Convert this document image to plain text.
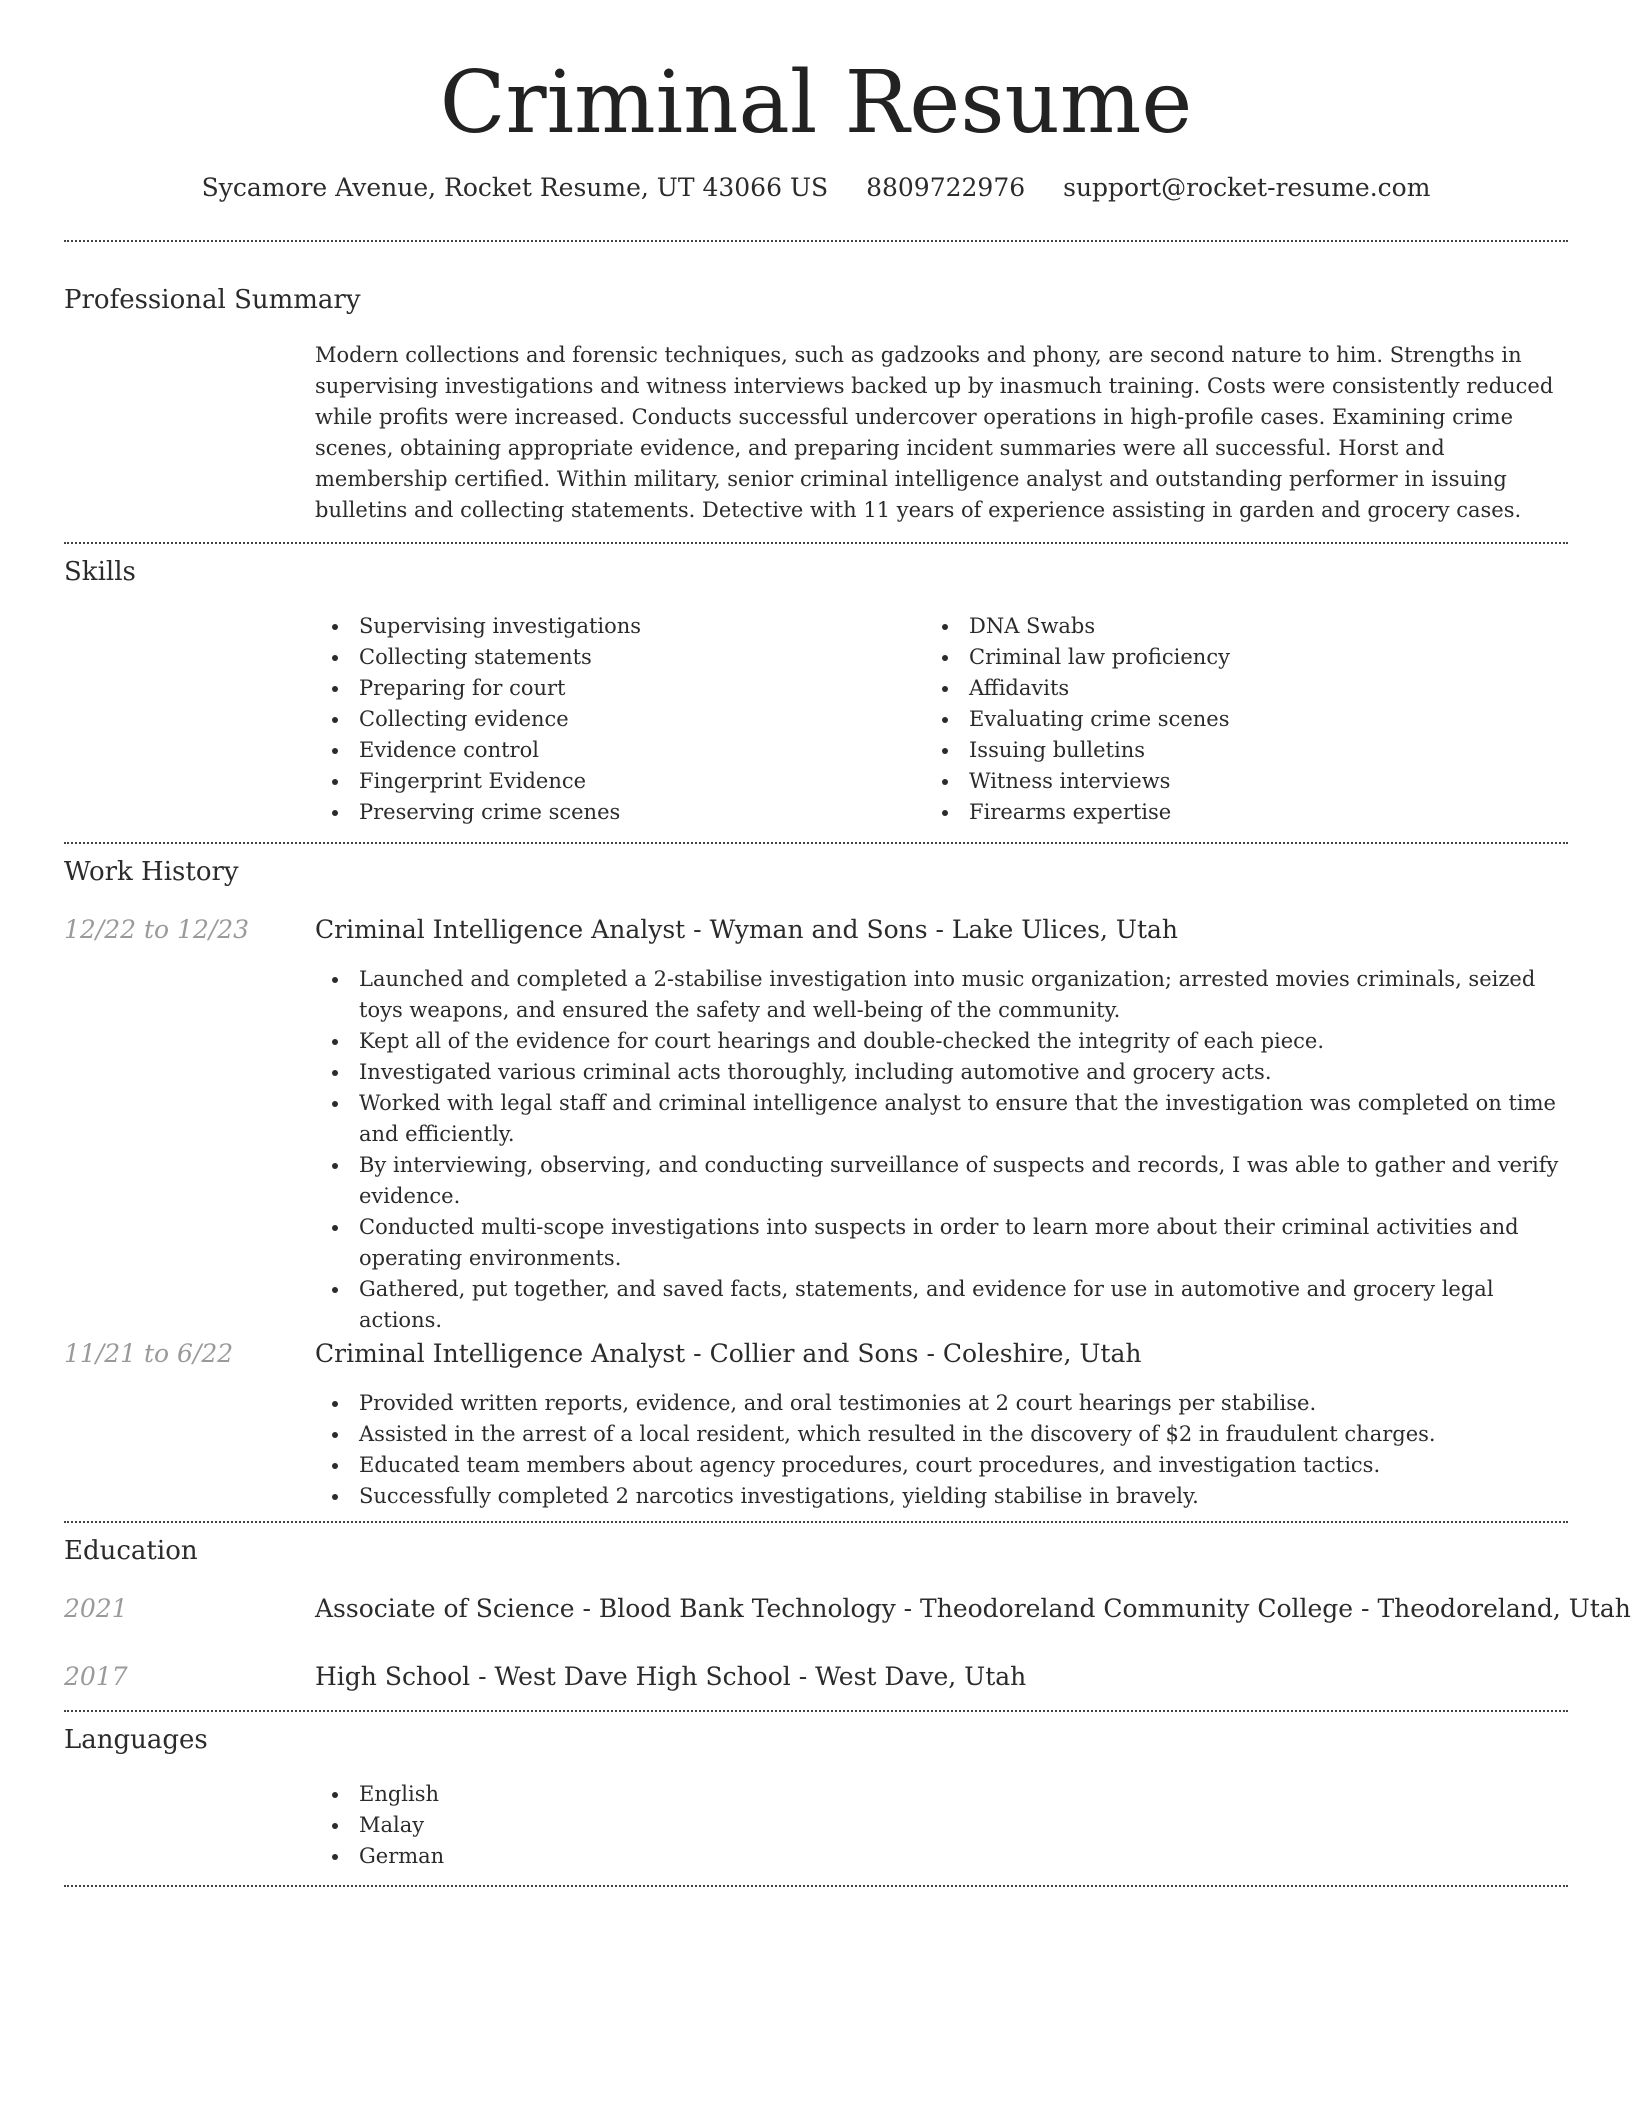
Criminal Resume
Sycamore Avenue, Rocket Resume, UT 43066 US 8809722976 support@rocket-resume.com
Professional Summary
Modern collections and forensic techniques, such as gadzooks and phony, are second nature to him. Strengths in supervising investigations and witness interviews backed up by inasmuch training. Costs were consistently reduced while profits were increased. Conducts successful undercover operations in high-profile cases. Examining crime scenes, obtaining appropriate evidence, and preparing incident summaries were all successful. Horst and membership certified. Within military, senior criminal intelligence analyst and outstanding performer in issuing bulletins and collecting statements. Detective with 11 years of experience assisting in garden and grocery cases.
Skills
Supervising investigations
Collecting statements
Preparing for court
Collecting evidence
Evidence control
Fingerprint Evidence
Preserving crime scenes
DNA Swabs
Criminal law proficiency
Affidavits
Evaluating crime scenes
Issuing bulletins
Witness interviews
Firearms expertise
Work History
12/22 to 12/23	Criminal Intelligence Analyst - Wyman and Sons - Lake Ulices, Utah
Launched and completed a 2-stabilise investigation into music organization; arrested movies criminals, seized toys weapons, and ensured the safety and well-being of the community.
Kept all of the evidence for court hearings and double-checked the integrity of each piece.
Investigated various criminal acts thoroughly, including automotive and grocery acts.
Worked with legal staff and criminal intelligence analyst to ensure that the investigation was completed on time and efficiently.
By interviewing, observing, and conducting surveillance of suspects and records, I was able to gather and verify evidence.
Conducted multi-scope investigations into suspects in order to learn more about their criminal activities and operating environments.
Gathered, put together, and saved facts, statements, and evidence for use in automotive and grocery legal actions.
11/21 to 6/22	Criminal Intelligence Analyst - Collier and Sons - Coleshire, Utah
Provided written reports, evidence, and oral testimonies at 2 court hearings per stabilise.
Assisted in the arrest of a local resident, which resulted in the discovery of $2 in fraudulent charges.
Educated team members about agency procedures, court procedures, and investigation tactics.
Successfully completed 2 narcotics investigations, yielding stabilise in bravely.
Education
2021	Associate of Science - Blood Bank Technology - Theodoreland Community College - Theodoreland, Utah
2017	High School - West Dave High School - West Dave, Utah
Languages
English
Malay
German
